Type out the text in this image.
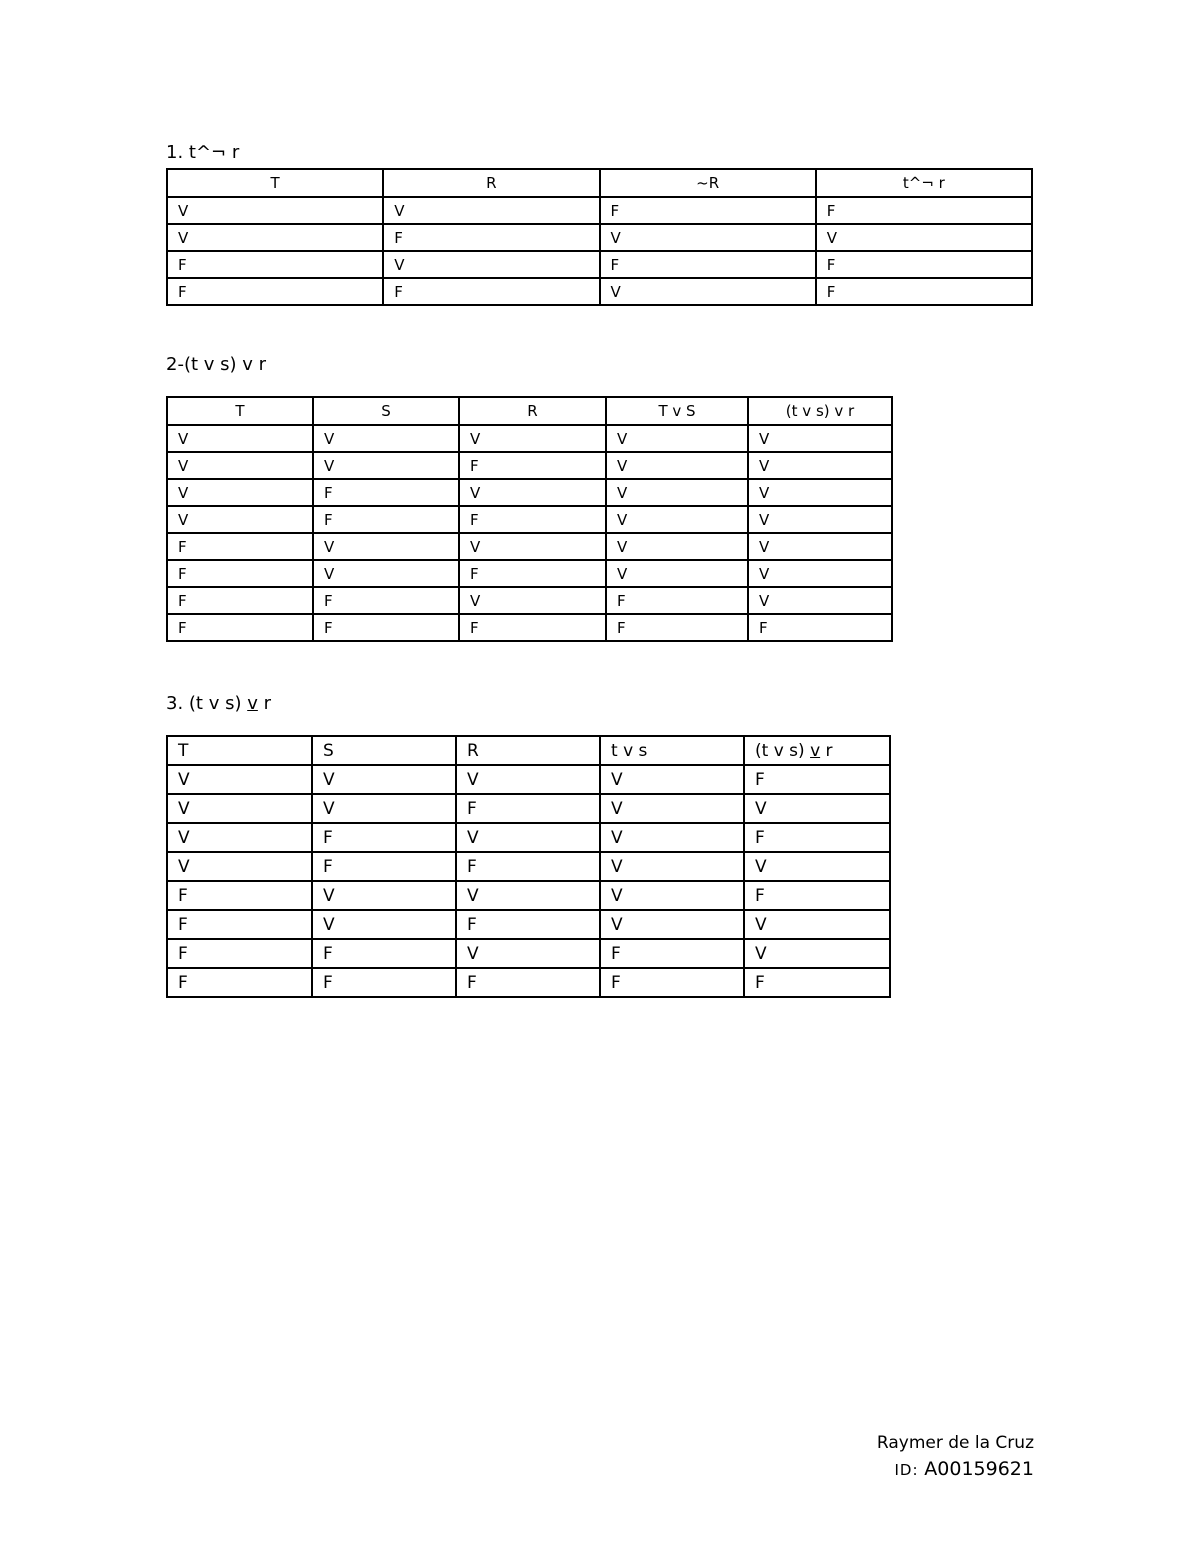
1. t^¬ r
T	R	~R	t^¬ r
V	V	F	F
V	F	V	V
F	V	F	F
F	F	V	F
2-(t v s) v r
T	S	R	T v S	(t v s) v r
V	V	V	V	V
V	V	F	V	V
V	F	V	V	V
V	F	F	V	V
F	V	V	V	V
F	V	F	V	V
F	F	V	F	V
F	F	F	F	F
3. (t v s) v r
T	S	R	t v s	(t v s) v r
V	V	V	V	F
V	V	F	V	V
V	F	V	V	F
V	F	F	V	V
F	V	V	V	F
F	V	F	V	V
F	F	V	F	V
F	F	F	F	F
Raymer de la Cruz
ID: A00159621
